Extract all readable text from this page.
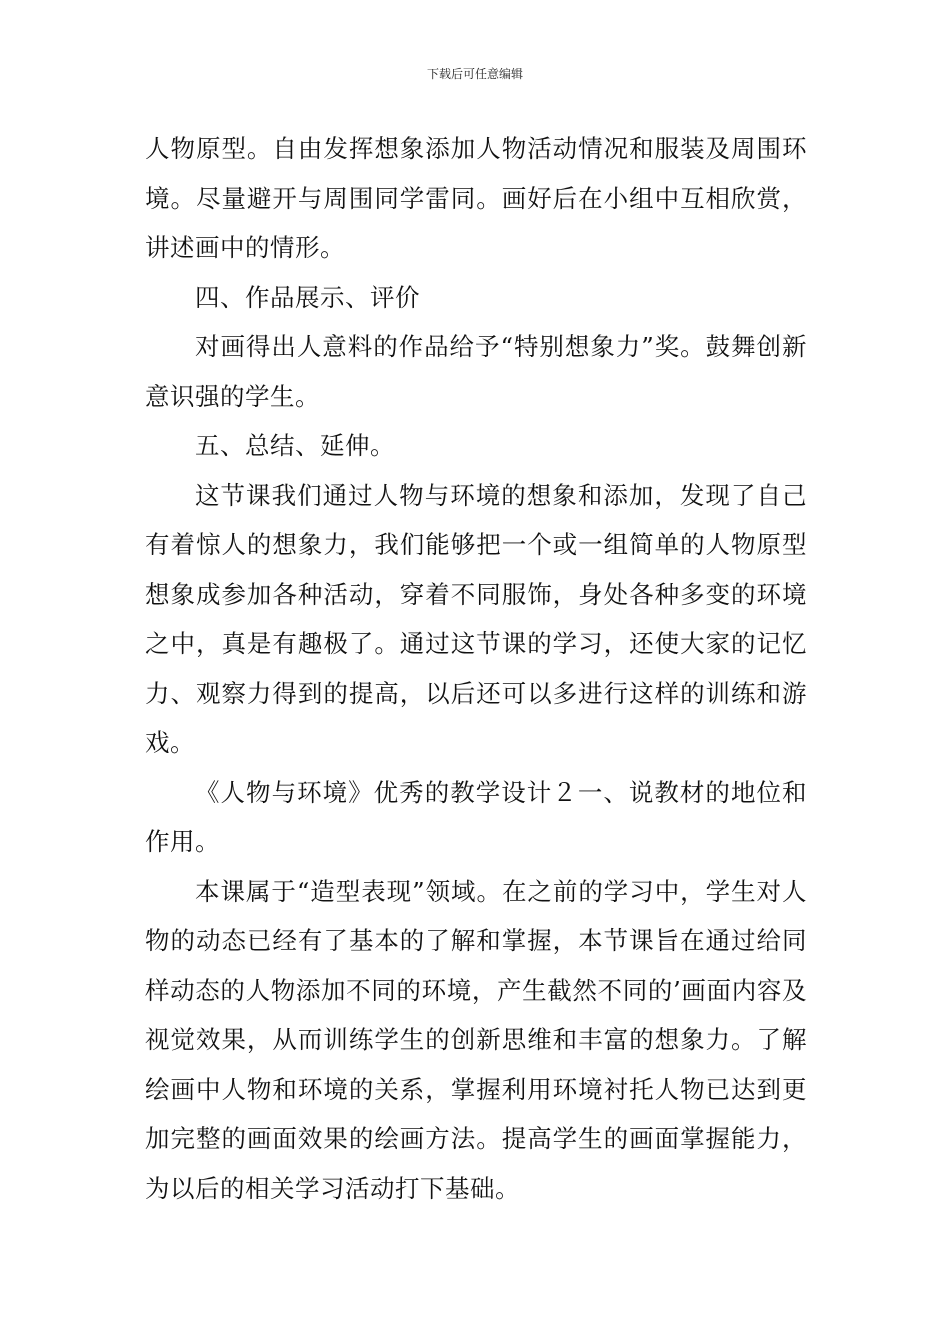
下载后可任意编辑

人物原型。自由发挥想象添加人物活动情况和服装及周围环境。尽量避开与周围同学雷同。画好后在小组中互相欣赏，讲述画中的情形。

四、作品展示、评价

对画得出人意料的作品给予“特别想象力”奖。鼓舞创新意识强的学生。

五、总结、延伸。

这节课我们通过人物与环境的想象和添加，发现了自己有着惊人的想象力，我们能够把一个或一组简单的人物原型想象成参加各种活动，穿着不同服饰，身处各种多变的环境之中，真是有趣极了。通过这节课的学习，还使大家的记忆力、观察力得到的提高，以后还可以多进行这样的训练和游戏。

《人物与环境》优秀的教学设计２一、说教材的地位和作用。

本课属于“造型表现”领域。在之前的学习中，学生对人物的动态已经有了基本的了解和掌握，本节课旨在通过给同样动态的人物添加不同的环境，产生截然不同的’画面内容及视觉效果，从而训练学生的创新思维和丰富的想象力。了解绘画中人物和环境的关系，掌握利用环境衬托人物已达到更加完整的画面效果的绘画方法。提高学生的画面掌握能力，为以后的相关学习活动打下基础。
